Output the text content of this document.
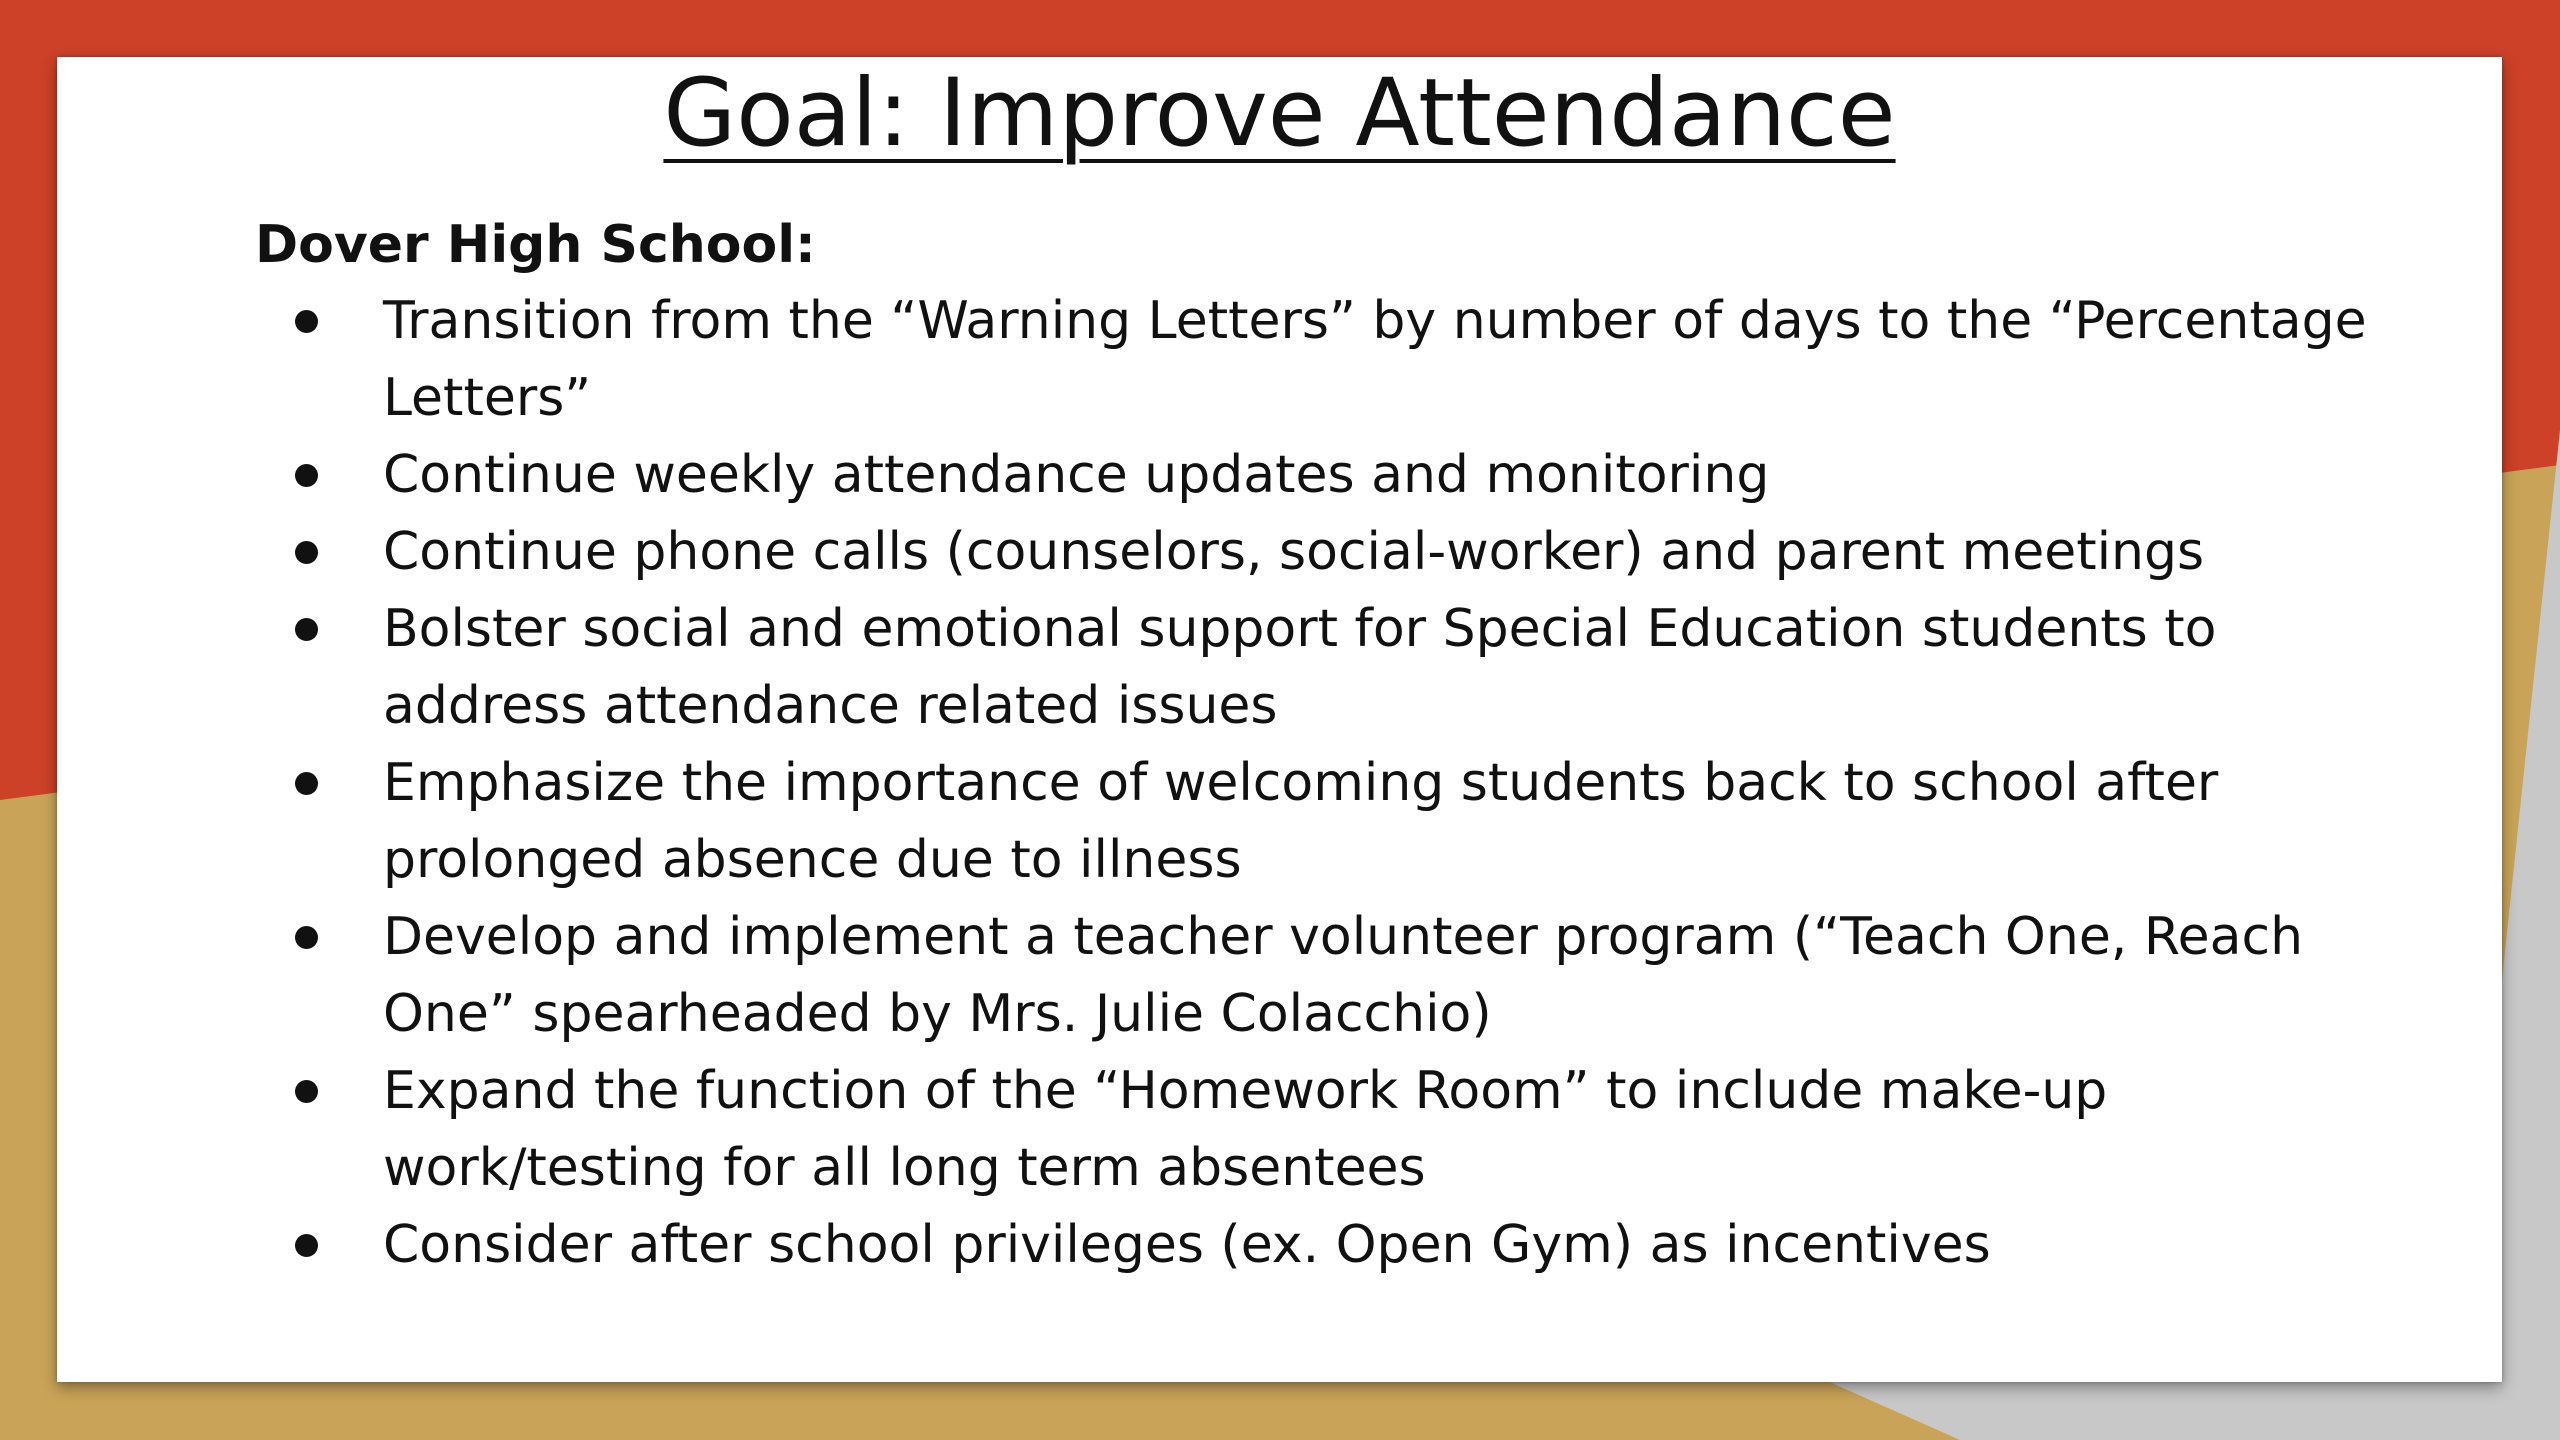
Goal: Improve Attendance

Dover High School:

Transition from the “Warning Letters” by number of days to the “Percentage Letters”
Continue weekly attendance updates and monitoring
Continue phone calls (counselors, social-worker) and parent meetings
Bolster social and emotional support for Special Education students to address attendance related issues
Emphasize the importance of welcoming students back to school after prolonged absence due to illness
Develop and implement a teacher volunteer program (“Teach One, Reach One” spearheaded by Mrs. Julie Colacchio)
Expand the function of the “Homework Room” to include make-up work/testing for all long term absentees
Consider after school privileges (ex. Open Gym) as incentives
